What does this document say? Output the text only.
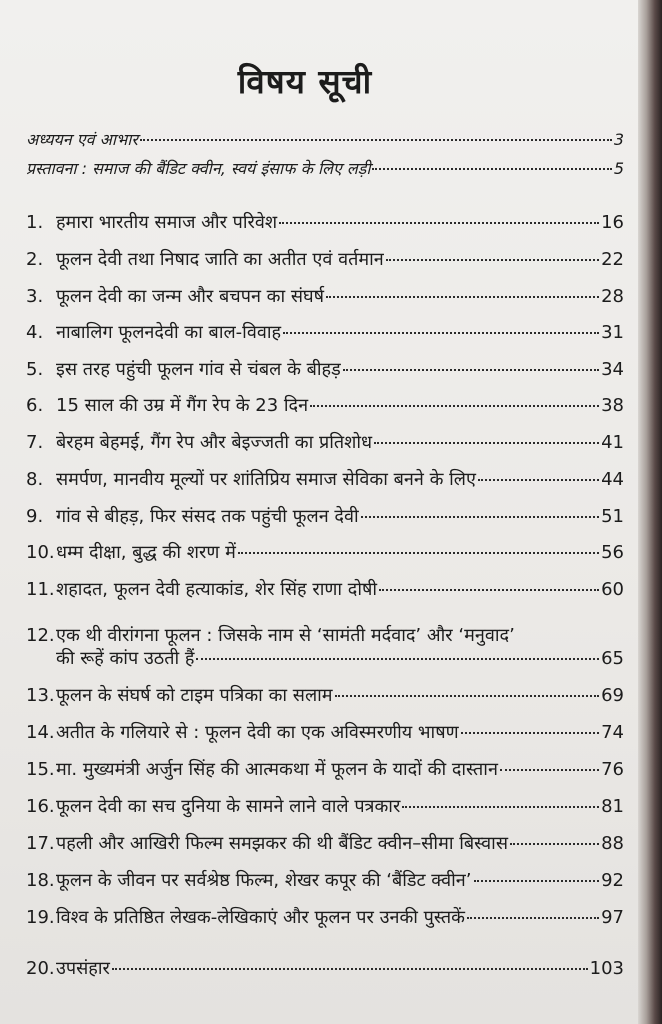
विषय सूची
अध्ययन एवं आभार	3
प्रस्तावना : समाज की बैंडिट क्वीन, स्वयं इंसाफ के लिए लड़ी	5
1. हमारा भारतीय समाज और परिवेश	16
2. फूलन देवी तथा निषाद जाति का अतीत एवं वर्तमान	22
3. फूलन देवी का जन्म और बचपन का संघर्ष	28
4. नाबालिग फूलनदेवी का बाल-विवाह	31
5. इस तरह पहुंची फूलन गांव से चंबल के बीहड़	34
6. 15 साल की उम्र में गैंग रेप के 23 दिन	38
7. बेरहम बेहमई, गैंग रेप और बेइज्जती का प्रतिशोध	41
8. समर्पण, मानवीय मूल्यों पर शांतिप्रिय समाज सेविका बनने के लिए	44
9. गांव से बीहड़, फिर संसद तक पहुंची फूलन देवी	51
10. धम्म दीक्षा, बुद्ध की शरण में	56
11. शहादत, फूलन देवी हत्याकांड, शेर सिंह राणा दोषी	60
12. एक थी वीरांगना फूलन : जिसके नाम से ‘सामंती मर्दवाद’ और ‘मनुवाद’
की रूहें कांप उठती हैं	65
13. फूलन के संघर्ष को टाइम पत्रिका का सलाम	69
14. अतीत के गलियारे से : फूलन देवी का एक अविस्मरणीय भाषण	74
15. मा. मुख्यमंत्री अर्जुन सिंह की आत्मकथा में फूलन के यादों की दास्तान	76
16. फूलन देवी का सच दुनिया के सामने लाने वाले पत्रकार	81
17. पहली और आखिरी फिल्म समझकर की थी बैंडिट क्वीन–सीमा बिस्वास	88
18. फूलन के जीवन पर सर्वश्रेष्ठ फिल्म, शेखर कपूर की ‘बैंडिट क्वीन’	92
19. विश्व के प्रतिष्ठित लेखक-लेखिकाएं और फूलन पर उनकी पुस्तकें	97
20. उपसंहार	103
